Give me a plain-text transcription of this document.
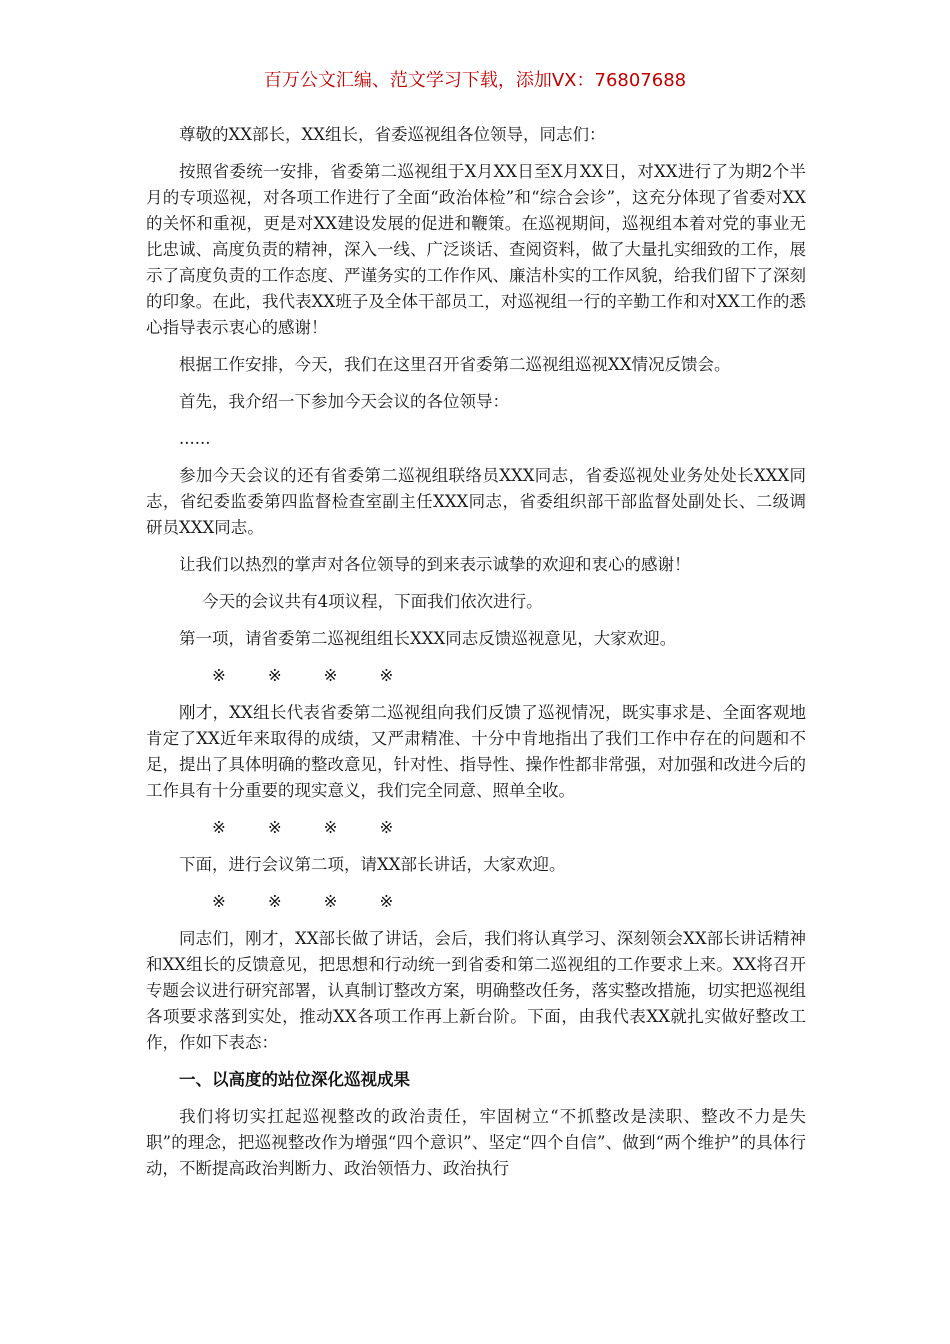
百万公文汇编、范文学习下载，添加VX：76807688

尊敬的XX部长，XX组长，省委巡视组各位领导，同志们：

按照省委统一安排，省委第二巡视组于X月XX日至X月XX日，对XX进行了为期2个半月的专项巡视，对各项工作进行了全面“政治体检”和“综合会诊”，这充分体现了省委对XX的关怀和重视，更是对XX建设发展的促进和鞭策。在巡视期间，巡视组本着对党的事业无比忠诚、高度负责的精神，深入一线、广泛谈话、查阅资料，做了大量扎实细致的工作，展示了高度负责的工作态度、严谨务实的工作作风、廉洁朴实的工作风貌，给我们留下了深刻的印象。在此，我代表XX班子及全体干部员工，对巡视组一行的辛勤工作和对XX工作的悉心指导表示衷心的感谢！

根据工作安排，今天，我们在这里召开省委第二巡视组巡视XX情况反馈会。

首先，我介绍一下参加今天会议的各位领导：

......

参加今天会议的还有省委第二巡视组联络员XXX同志，省委巡视处业务处处长XXX同志，省纪委监委第四监督检查室副主任XXX同志，省委组织部干部监督处副处长、二级调研员XXX同志。

让我们以热烈的掌声对各位领导的到来表示诚挚的欢迎和衷心的感谢！

今天的会议共有4项议程，下面我们依次进行。

第一项，请省委第二巡视组组长XXX同志反馈巡视意见，大家欢迎。

※	※	※	※

刚才，XX组长代表省委第二巡视组向我们反馈了巡视情况，既实事求是、全面客观地肯定了XX近年来取得的成绩，又严肃精准、十分中肯地指出了我们工作中存在的问题和不足，提出了具体明确的整改意见，针对性、指导性、操作性都非常强，对加强和改进今后的工作具有十分重要的现实意义，我们完全同意、照单全收。

※	※	※	※

下面，进行会议第二项，请XX部长讲话，大家欢迎。

※	※	※	※

同志们，刚才，XX部长做了讲话，会后，我们将认真学习、深刻领会XX部长讲话精神和XX组长的反馈意见，把思想和行动统一到省委和第二巡视组的工作要求上来。XX将召开专题会议进行研究部署，认真制订整改方案，明确整改任务，落实整改措施，切实把巡视组各项要求落到实处，推动XX各项工作再上新台阶。下面，由我代表XX就扎实做好整改工作，作如下表态：

一、以高度的站位深化巡视成果

我们将切实扛起巡视整改的政治责任，牢固树立“不抓整改是渎职、整改不力是失职”的理念，把巡视整改作为增强“四个意识”、坚定“四个自信”、做到“两个维护”的具体行动，不断提高政治判断力、政治领悟力、政治执行
